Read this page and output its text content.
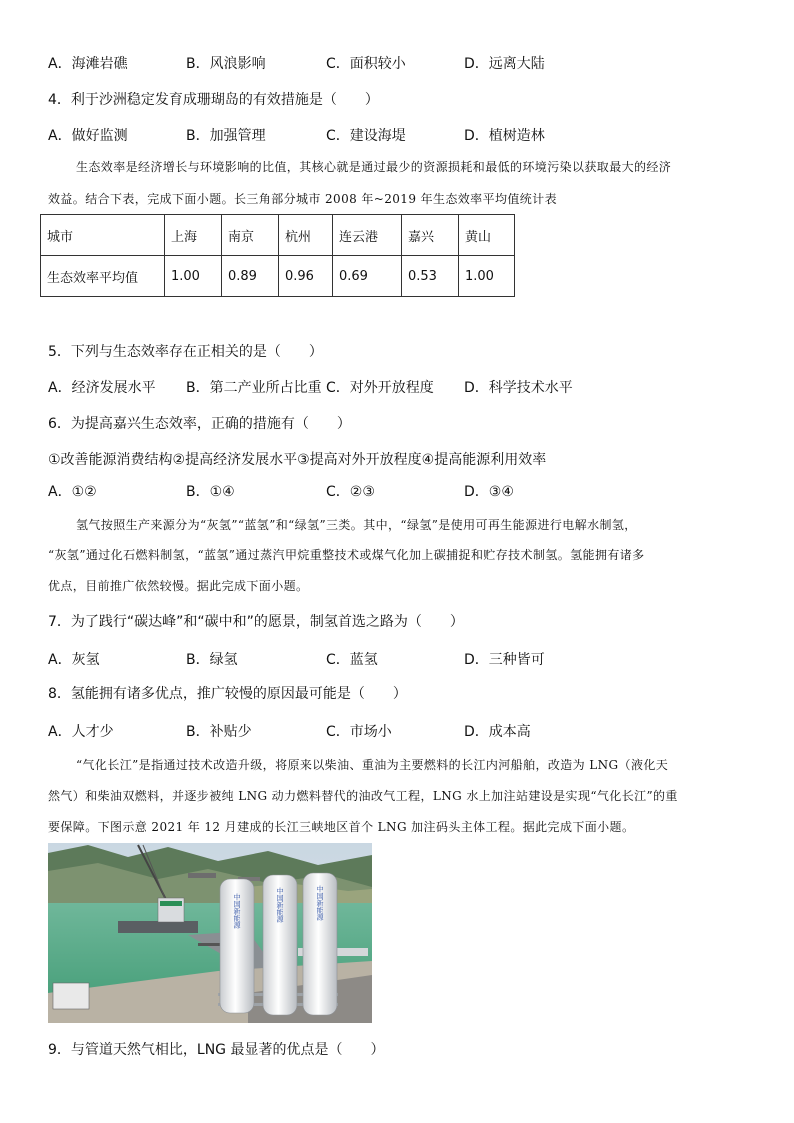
A．海滩岩礁	B．风浪影响	C．面积较小	D．远离大陆
4．利于沙洲稳定发育成珊瑚岛的有效措施是（　　）
A．做好监测	B．加强管理	C．建设海堤	D．植树造林
生态效率是经济增长与环境影响的比值，其核心就是通过最少的资源损耗和最低的环境污染以获取最大的经济
效益。结合下表，完成下面小题。长三角部分城市 2008 年~2019 年生态效率平均值统计表
城市	上海	南京	杭州	连云港	嘉兴	黄山
生态效率平均值	1.00	0.89	0.96	0.69	0.53	1.00
5．下列与生态效率存在正相关的是（　　）
A．经济发展水平 B．第二产业所占比重 C．对外开放程度 D．科学技术水平
6．为提高嘉兴生态效率，正确的措施有（　　）
①改善能源消费结构②提高经济发展水平③提高对外开放程度④提高能源利用效率
A．①②	B．①④	C．②③	D．③④
氢气按照生产来源分为“灰氢”“蓝氢”和“绿氢”三类。其中，“绿氢”是使用可再生能源进行电解水制氢，
“灰氢”通过化石燃料制氢，“蓝氢”通过蒸汽甲烷重整技术或煤气化加上碳捕捉和贮存技术制氢。氢能拥有诸多
优点，目前推广依然较慢。据此完成下面小题。
7．为了践行“碳达峰”和“碳中和”的愿景，制氢首选之路为（　　）
A．灰氢	B．绿氢	C．蓝氢	D．三种皆可
8．氢能拥有诸多优点，推广较慢的原因最可能是（　　）
A．人才少	B．补贴少	C．市场小	D．成本高
“气化长江”是指通过技术改造升级，将原来以柴油、重油为主要燃料的长江内河船舶，改造为 LNG（液化天
然气）和柴油双燃料，并逐步被纯 LNG 动力燃料替代的油改气工程，LNG 水上加注站建设是实现“气化长江”的重
要保障。下图示意 2021 年 12 月建成的长江三峡地区首个 LNG 加注码头主体工程。据此完成下面小题。
中国新能源	中国新能源	中国新能源
9．与管道天然气相比，LNG 最显著的优点是（　　）
